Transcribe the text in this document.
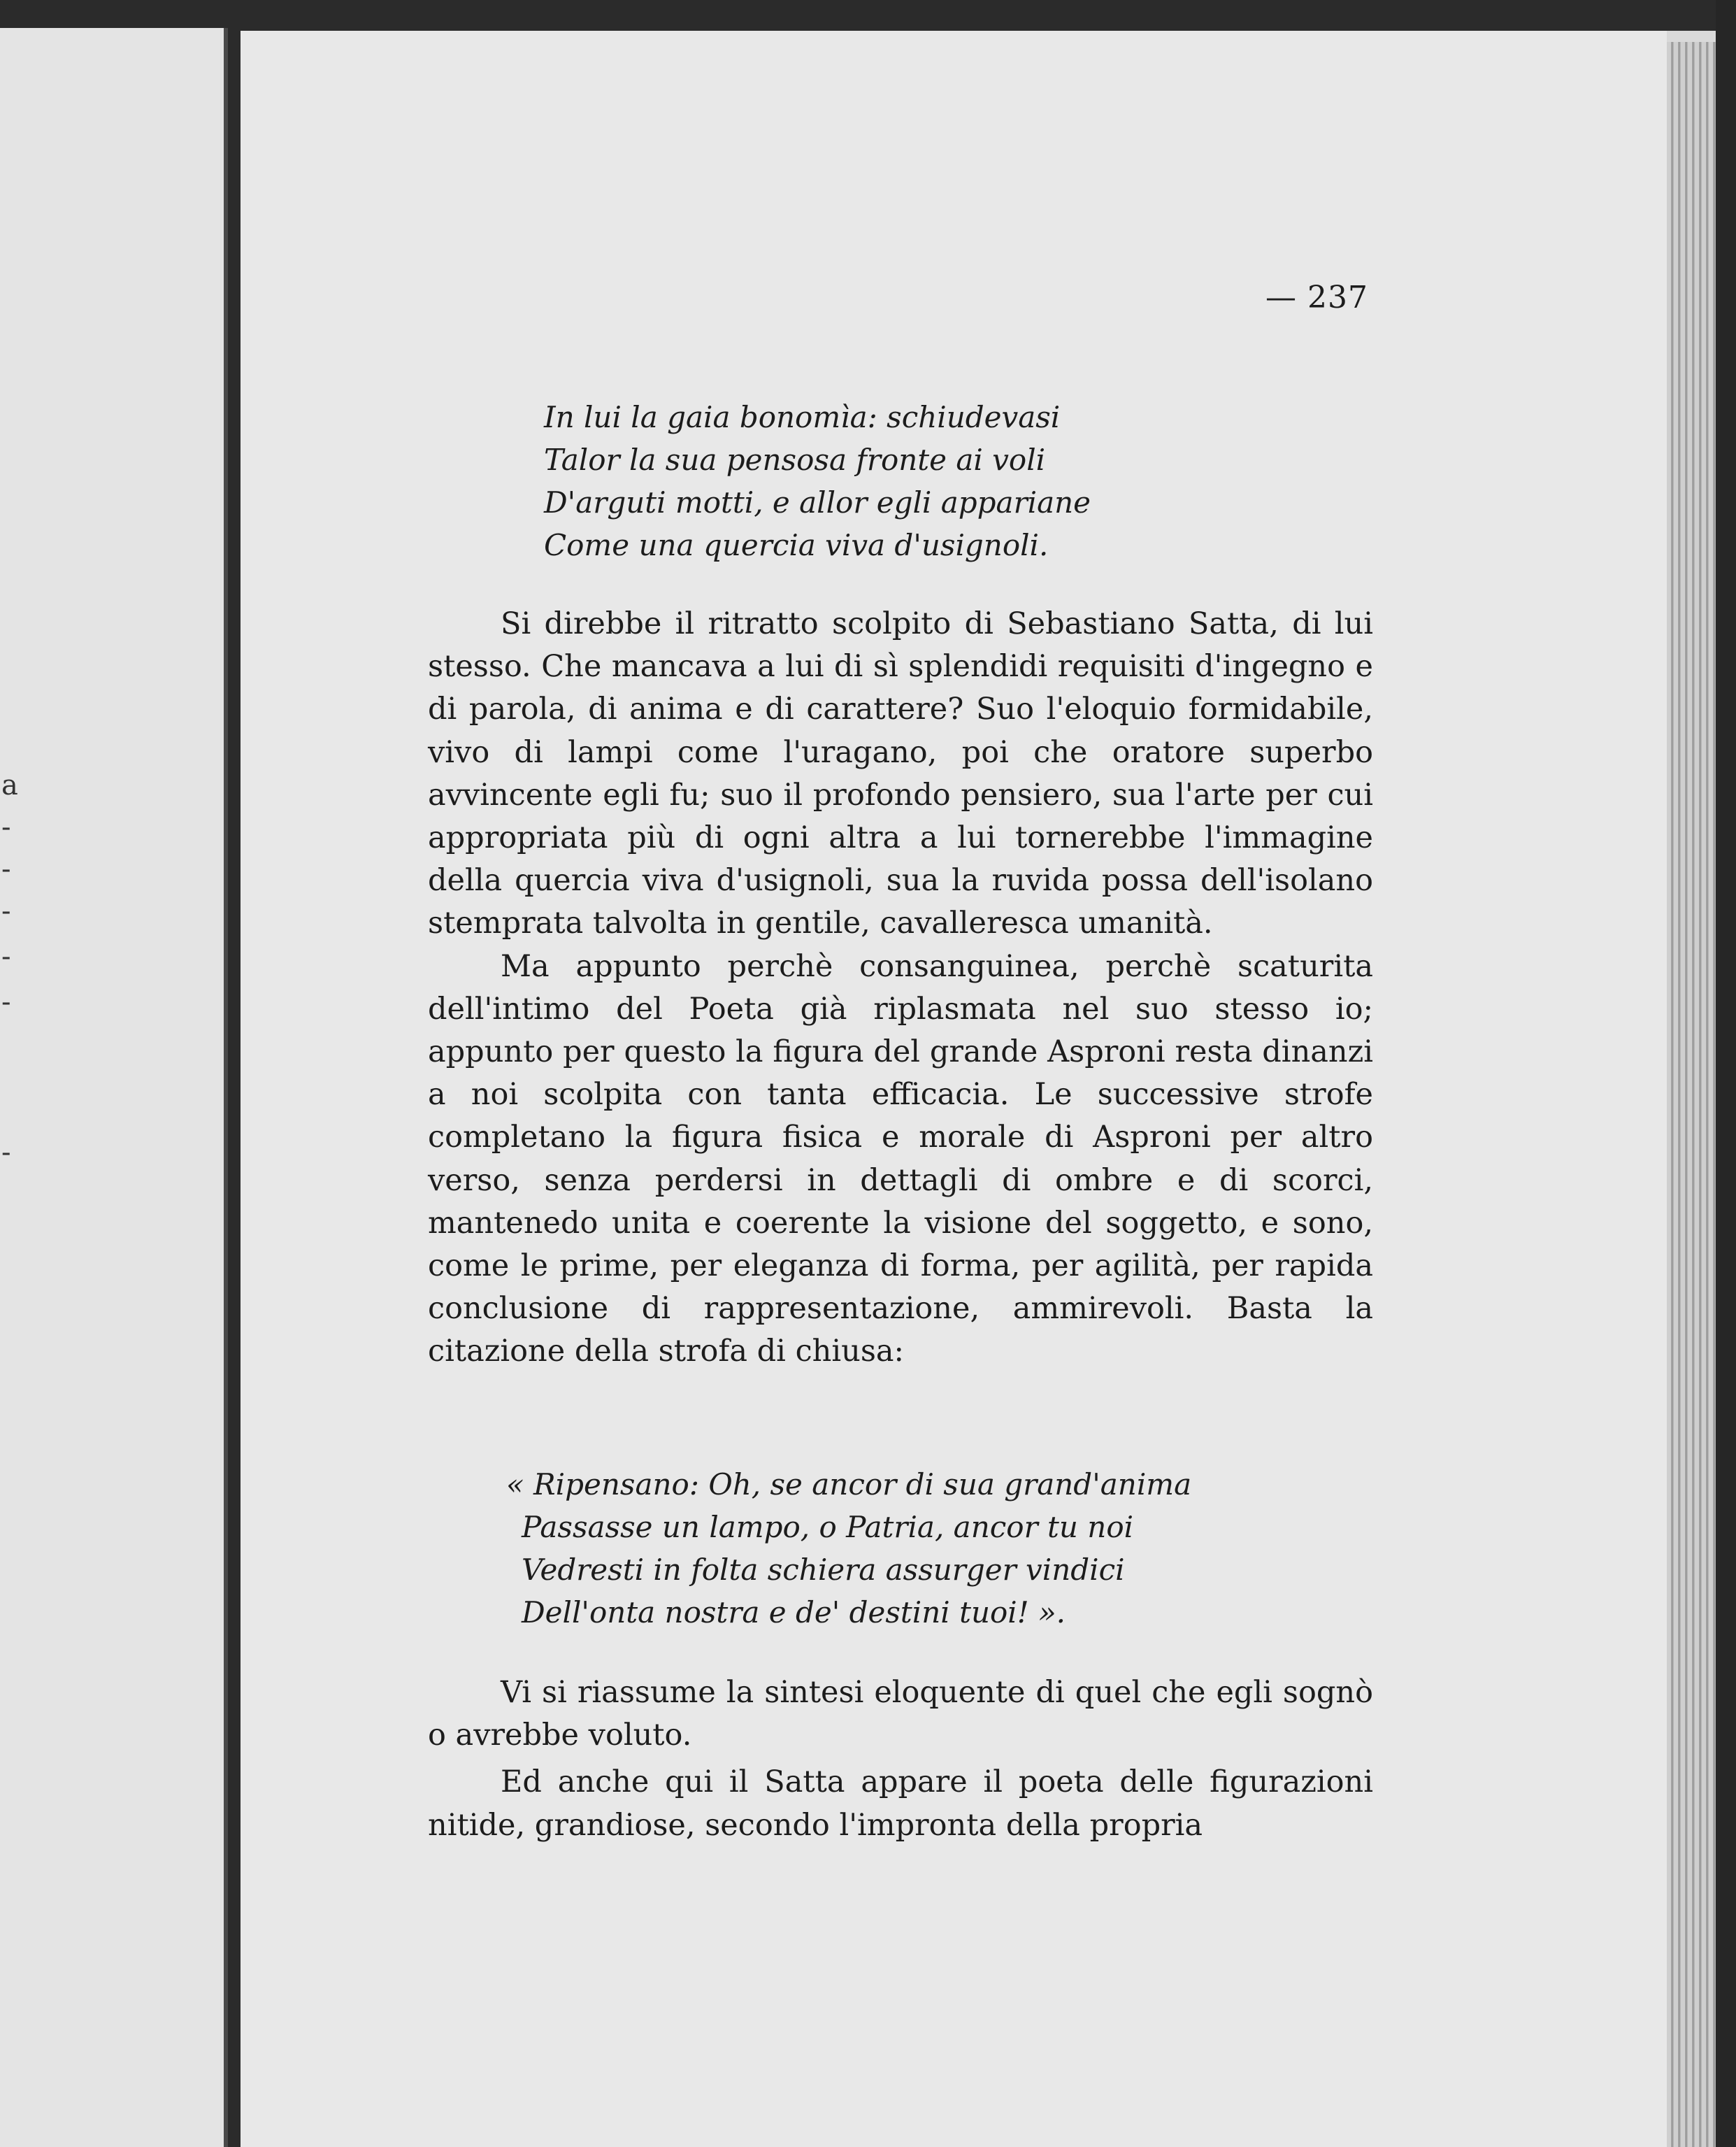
a
-
-
-
-
-
-
— 237
In lui la gaia bonomìa: schiudevasi
Talor la sua pensosa fronte ai voli
D'arguti motti, e allor egli appariane
Come una quercia viva d'usignoli.

Si direbbe il ritratto scolpito di Sebastiano Satta, di lui stesso. Che mancava a lui di sì splendidi requisiti d'ingegno e di parola, di anima e di carattere? Suo l'eloquio formidabile, vivo di lampi come l'uragano, poi che oratore superbo avvincente egli fu; suo il profondo pensiero, sua l'arte per cui appropriata più di ogni altra a lui tornerebbe l'immagine della quercia viva d'usignoli, sua la ruvida possa dell'isolano stemprata talvolta in gentile, cavalleresca umanità.

Ma appunto perchè consanguinea, perchè scaturita dell'intimo del Poeta già riplasmata nel suo stesso io; appunto per questo la figura del grande Asproni resta dinanzi a noi scolpita con tanta efficacia. Le successive strofe completano la figura fisica e morale di Asproni per altro verso, senza perdersi in dettagli di ombre e di scorci, mantenedo unita e coerente la visione del soggetto, e sono, come le prime, per eleganza di forma, per agilità, per rapida conclusione di rappresentazione, ammirevoli. Basta la citazione della strofa di chiusa:

« Ripensano: Oh, se ancor di sua grand'anima
Passasse un lampo, o Patria, ancor tu noi
Vedresti in folta schiera assurger vindici
Dell'onta nostra e de' destini tuoi! ».

Vi si riassume la sintesi eloquente di quel che egli sognò o avrebbe voluto.

Ed anche qui il Satta appare il poeta delle figurazioni nitide, grandiose, secondo l'impronta della propria
